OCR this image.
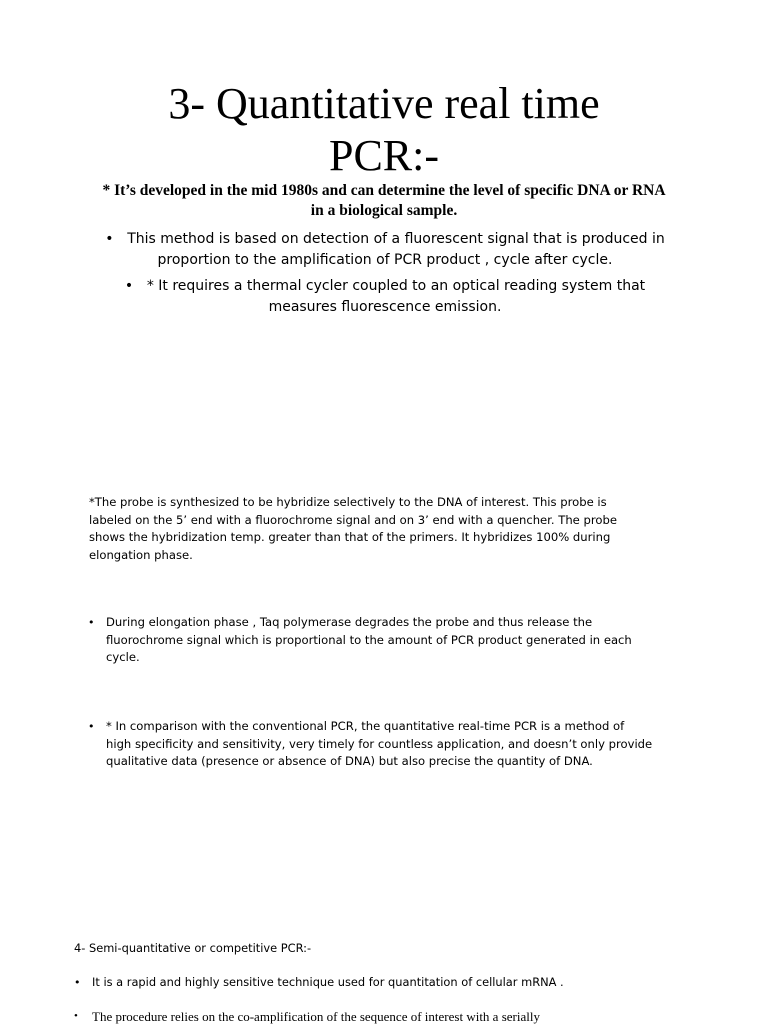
3- Quantitative real time
PCR:-
* It’s developed in the mid 1980s and can determine the level of specific DNA or RNA in a biological sample.
• This method is based on detection of a fluorescent signal that is produced in proportion to the amplification of PCR product , cycle after cycle.
• * It requires a thermal cycler coupled to an optical reading system that measures fluorescence emission.
*The probe is synthesized to be hybridize selectively to the DNA of interest. This probe is labeled on the 5’ end with a fluorochrome signal and on 3’ end with a quencher. The probe shows the hybridization temp. greater than that of the primers. It hybridizes 100% during elongation phase.
• During elongation phase , Taq polymerase degrades the probe and thus release the fluorochrome signal which is proportional to the amount of PCR product generated in each cycle.
• * In comparison with the conventional PCR, the quantitative real-time PCR is a method of high specificity and sensitivity, very timely for countless application, and doesn’t only provide qualitative data (presence or absence of DNA) but also precise the quantity of DNA.
4- Semi-quantitative or competitive PCR:-
•	It is a rapid and highly sensitive technique used for quantitation of cellular mRNA .
•	The procedure relies on the co-amplification of the sequence of interest with a serially
